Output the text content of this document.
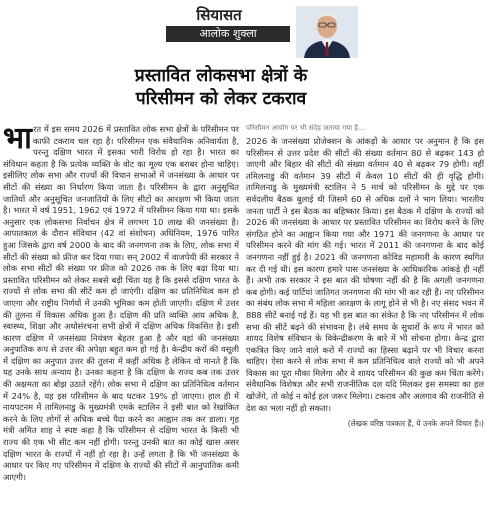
सियासत
आलोक शुक्ला
प्रस्तावित लोकसभा क्षेत्रों के
परिसीमन को लेकर टकराव
भा रत में इस समय 2026 में प्रस्तावित लोक सभा क्षेत्रों के परिसीमन पर काफी टकराव चल रहा है। परिसीमन एक संवैधानिक अनिवार्यता है, परन्तु दक्षिण भारत में इसका भारी विरोध हो रहा है। भारत का संविधान कहता है कि प्रत्येक व्यक्ति के वोट का मूल्य एक बराबर होना चाहिए। इसीलिए लोक सभा और राज्यों की विधान सभाओं में जनसंख्या के आधार पर सीटों की संख्या का निर्धारण किया जाता है। परिसीमन के द्वारा अनुसूचित जातियों और अनुसूचित जनजातियों के लिए सीटों का आरक्षण भी किया जाता है। भारत में वर्ष 1951, 1962 एवं 1972 में परिसीमन किया गया था। इसके अनुसार एक लोकसभा निर्वाचन क्षेत्र में लगभग 10 लाख की जनसंख्या है। आपातकाल के दौरान संविधान (42 वां संशोधन) अधिनियम, 1976 पारित हुआ जिसके द्वारा वर्ष 2000 के बाद की जनगणना तक के लिए, लोक सभा में सीटों की संख्या को फ्रीज कर दिया गया। सन् 2002 में वाजपेयी की सरकार ने लोक सभा सीटों की संख्या पर फ्रीज को 2026 तक के लिए बढ़ा दिया था। प्रस्तावित परिसीमन को लेकर सबसे बड़ी चिंता यह है कि इससे दक्षिण भारत के राज्यों से लोक सभा की सीटें कम हो जाएंगी। दक्षिण का प्रतिनिधित्व कम हो जाएगा और राष्ट्रीय निर्णयों में उनकी भूमिका कम होती जाएगी। दक्षिण में उत्तर की तुलना में विकास अधिक हुआ है। दक्षिण की प्रति व्यक्ति आय अधिक है, स्वास्थ्य, शिक्षा और अधोसंरचना सभी क्षेत्रों में दक्षिण अधिक विकसित है। इसी कारण दक्षिण में जनसंख्या नियंत्रण बेहतर हुआ है और वहां की जनसंख्या अनुपातिक रूप से उत्तर की अपेक्षा बहुत कम हो गई है। केन्द्रीय करों की वसूली में दक्षिण का अनुपात उत्तर की तुलना में कहीं अधिक है लेकिन वो मानते हैं कि यह उनके साथ अन्याय है। उनका कहना है कि दक्षिण के राज्य कब तक उत्तर की अक्षमता का बोझ उठाते रहेंगे। लोक सभा में दक्षिण का प्रतिनिधित्व वर्तमान में 24% है, यह इस परिसीमन के बाद घटकर 19% हो जाएगा। हाल ही में नायपटनम में तामिलनाडु के मुख्यमंत्री एमके स्टालिन ने इसी बात को रेखांकित करने के लिए लोगों से अधिक बच्चे पैदा करने का आह्वान तक कर डाला। गृह मंत्री अमित शाह ने स्पष्ट कहा है कि परिसीमन से दक्षिण भारत के किसी भी राज्य की एक भी सीट कम नहीं होगी। परन्तु उनकी बात का कोई खास असर दक्षिण भारत के राज्यों में नहीं हो रहा है। उन्हें लगता है कि भी जनसंख्या के आधार पर किए गए परिसीमन में दक्षिण के राज्यों की सीटों में आनुपातिक कमी आएगी।

परिसीमन आयोग पर भी संदेह जताया गया है...

2026 के जनसंख्या प्रोजेक्शन के आंकड़ों के आधार पर अनुमान है कि इस परिसीमन से उत्तर प्रदेश की सीटों की संख्या वर्तमान 80 से बढ़कर 143 हो जाएगी और बिहार की सीटों की संख्या वर्तमान 40 से बढ़कर 79 होगी। वहीं तमिलनाडु की वर्तमान 39 सीटों में केवल 10 सीटों की ही वृद्धि होगी। तामिलनाडु के मुख्यमंत्री स्टालिन ने 5 मार्च को परिसीमन के मुद्दे पर एक सर्वदलीय बैठक बुलाई थी जिसमें 60 से अधिक दलों ने भाग लिया। भारतीय जनता पार्टी ने इस बैठक का बहिष्कार किया। इस बैठक में दक्षिण के राज्यों को 2026 की जनसंख्या के आधार पर प्रस्तावित परिसीमन का विरोध करने के लिए संगठित होने का आह्वान किया गया और 1971 की जनगणना के आधार पर परिसीमन करने की मांग की गई। भारत में 2011 की जनगणना के बाद कोई जनगणना नहीं हुई है। 2021 की जनगणना कोविड महामारी के कारण स्थगित कर दी गई थी। इस कारण हमारे पास जनसंख्या के आधिकारिक आंकड़े ही नहीं हैं। अभी तक सरकार ने इस बात की घोषणा नहीं की है कि अगली जनगणना कब होगी। कई पार्टियां जातिगत जनगणना की मांग भी कर रही हैं। नए परिसीमन का संबंध लोक सभा में महिला आरक्षण के लागू होने से भी है। नए संसद भवन में 888 सीटें बनाई गई हैं। यह भी इस बात का संकेत है कि नए परिसीमन में लोक सभा की सीटें बढ़ने की संभावना है। लंबे समय के सुधारों के रूप में भारत को शायद विशेष संविधान के विकेन्द्रीकरण के बारे में भी सोचना होगा। केन्द्र द्वारा एकत्रित किए जाने वाले करों में राज्यों का हिस्सा बढ़ाने पर भी विचार करना चाहिए। ऐसा करने से लोक सभा में कम प्रतिनिधित्व वाले राज्यों को भी अपने विकास का पूरा मौका मिलेगा और वे शायद परिसीमन की कुछ कम चिंता करेंगे। संवैधानिक विशेषज्ञ और सभी राजनीतिक दल यदि मिलकर इस समस्या का हल खोजेंगे, तो कोई न कोई हल जरूर मिलेगा। टकराव और अलगाव की राजनीति से देश का भला नहीं हो सकता।

(लेखक वरिष्ठ पत्रकार हैं, ये उनके अपने विचार हैं।)
